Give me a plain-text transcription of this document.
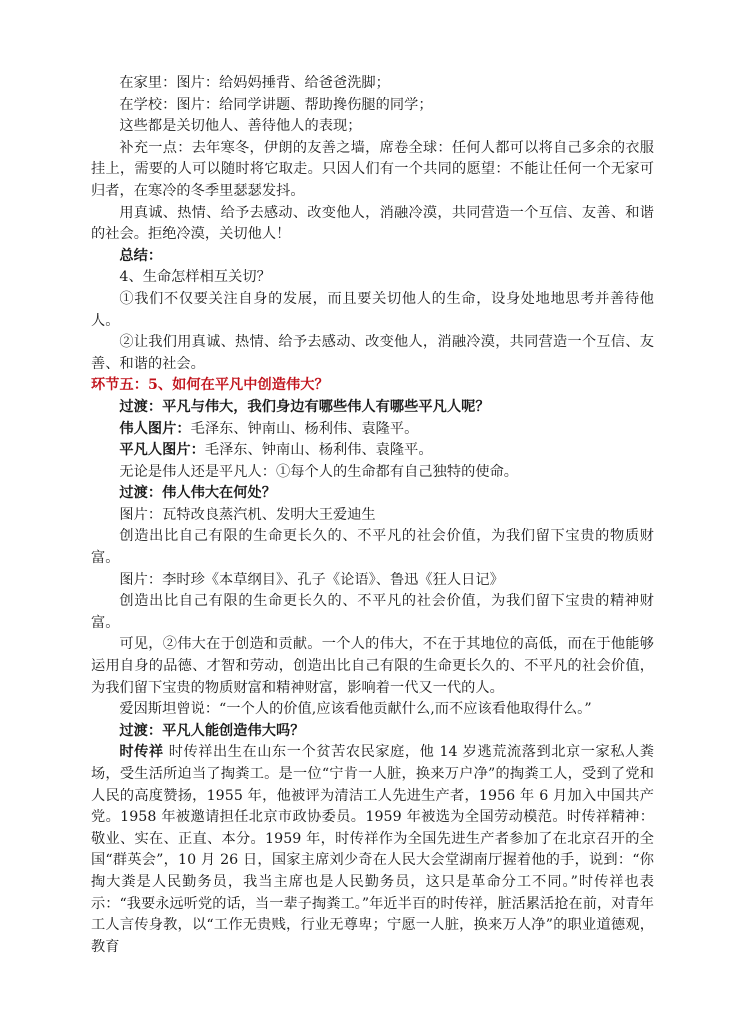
在家里：图片：给妈妈捶背、给爸爸洗脚；

在学校：图片：给同学讲题、帮助搀伤腿的同学；

这些都是关切他人、善待他人的表现；

补充一点：去年寒冬，伊朗的友善之墙，席卷全球：任何人都可以将自己多余的衣服挂上，需要的人可以随时将它取走。只因人们有一个共同的愿望：不能让任何一个无家可归者，在寒冷的冬季里瑟瑟发抖。

用真诚、热情、给予去感动、改变他人，消融冷漠，共同营造一个互信、友善、和谐的社会。拒绝冷漠，关切他人！

总结：

4、生命怎样相互关切？

①我们不仅要关注自身的发展，而且要关切他人的生命，设身处地地思考并善待他人。

②让我们用真诚、热情、给予去感动、改变他人，消融冷漠，共同营造一个互信、友善、和谐的社会。

环节五：5、如何在平凡中创造伟大？

过渡：平凡与伟大，我们身边有哪些伟人有哪些平凡人呢？

伟人图片：毛泽东、钟南山、杨利伟、袁隆平。

平凡人图片：毛泽东、钟南山、杨利伟、袁隆平。

无论是伟人还是平凡人：①每个人的生命都有自己独特的使命。

过渡：伟人伟大在何处？

图片：瓦特改良蒸汽机、发明大王爱迪生

创造出比自己有限的生命更长久的、不平凡的社会价值，为我们留下宝贵的物质财富。

图片：李时珍《本草纲目》、孔子《论语》、鲁迅《狂人日记》

创造出比自己有限的生命更长久的、不平凡的社会价值，为我们留下宝贵的精神财富。

可见，②伟大在于创造和贡献。一个人的伟大，不在于其地位的高低，而在于他能够运用自身的品德、才智和劳动，创造出比自己有限的生命更长久的、不平凡的社会价值，为我们留下宝贵的物质财富和精神财富，影响着一代又一代的人。

爱因斯坦曾说：“一个人的价值,应该看他贡献什么,而不应该看他取得什么。”

过渡：平凡人能创造伟大吗？

时传祥 时传祥出生在山东一个贫苦农民家庭，他 14 岁逃荒流落到北京一家私人粪场，受生活所迫当了掏粪工。是一位“宁肯一人脏，换来万户净”的掏粪工人，受到了党和人民的高度赞扬，1955 年，他被评为清洁工人先进生产者，1956 年 6 月加入中国共产党。1958 年被邀请担任北京市政协委员。1959 年被选为全国劳动模范。时传祥精神：敬业、实在、正直、本分。1959 年，时传祥作为全国先进生产者参加了在北京召开的全国“群英会”，10 月 26 日，国家主席刘少奇在人民大会堂湖南厅握着他的手，说到：“你掏大粪是人民勤务员，我当主席也是人民勤务员，这只是革命分工不同。”时传祥也表示：“我要永远听党的话，当一辈子掏粪工。”年近半百的时传祥，脏活累活抢在前，对青年工人言传身教，以“工作无贵贱，行业无尊卑；宁愿一人脏，换来万人净”的职业道德观，教育
